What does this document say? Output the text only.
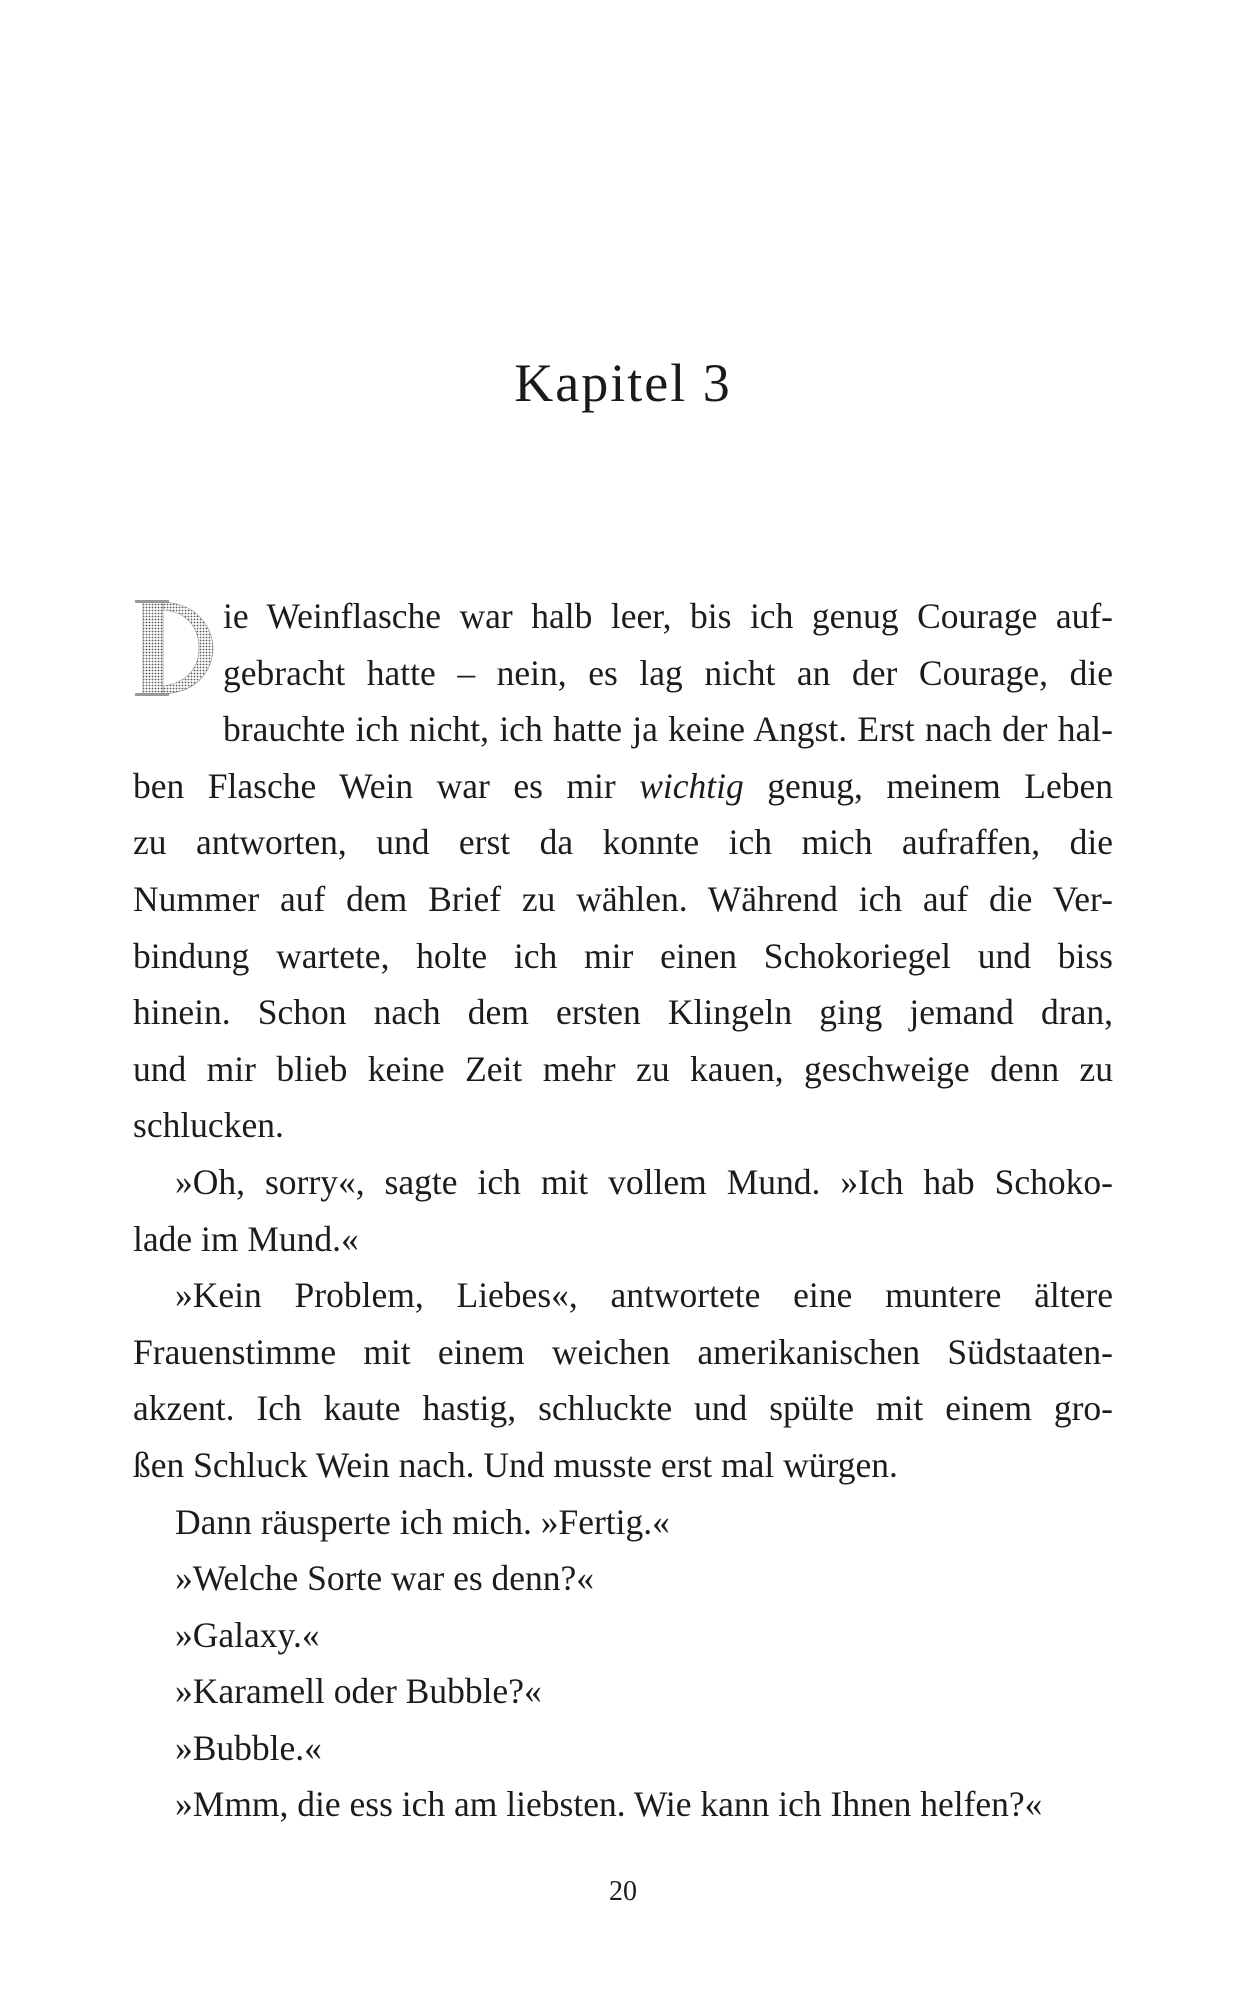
Kapitel 3
ie Weinflasche war halb leer, bis ich genug Courage auf-
gebracht hatte – nein, es lag nicht an der Courage, die
brauchte ich nicht, ich hatte ja keine Angst. Erst nach der hal-
ben Flasche Wein war es mir wichtig genug, meinem Leben
zu antworten, und erst da konnte ich mich aufraffen, die
Nummer auf dem Brief zu wählen. Während ich auf die Ver-
bindung wartete, holte ich mir einen Schokoriegel und biss
hinein. Schon nach dem ersten Klingeln ging jemand dran,
und mir blieb keine Zeit mehr zu kauen, geschweige denn zu
schlucken.
»Oh, sorry«, sagte ich mit vollem Mund. »Ich hab Schoko-
lade im Mund.«
»Kein Problem, Liebes«, antwortete eine muntere ältere
Frauenstimme mit einem weichen amerikanischen Südstaaten-
akzent. Ich kaute hastig, schluckte und spülte mit einem gro-
ßen Schluck Wein nach. Und musste erst mal würgen.
Dann räusperte ich mich. »Fertig.«
»Welche Sorte war es denn?«
»Galaxy.«
»Karamell oder Bubble?«
»Bubble.«
»Mmm, die ess ich am liebsten. Wie kann ich Ihnen helfen?«
20
